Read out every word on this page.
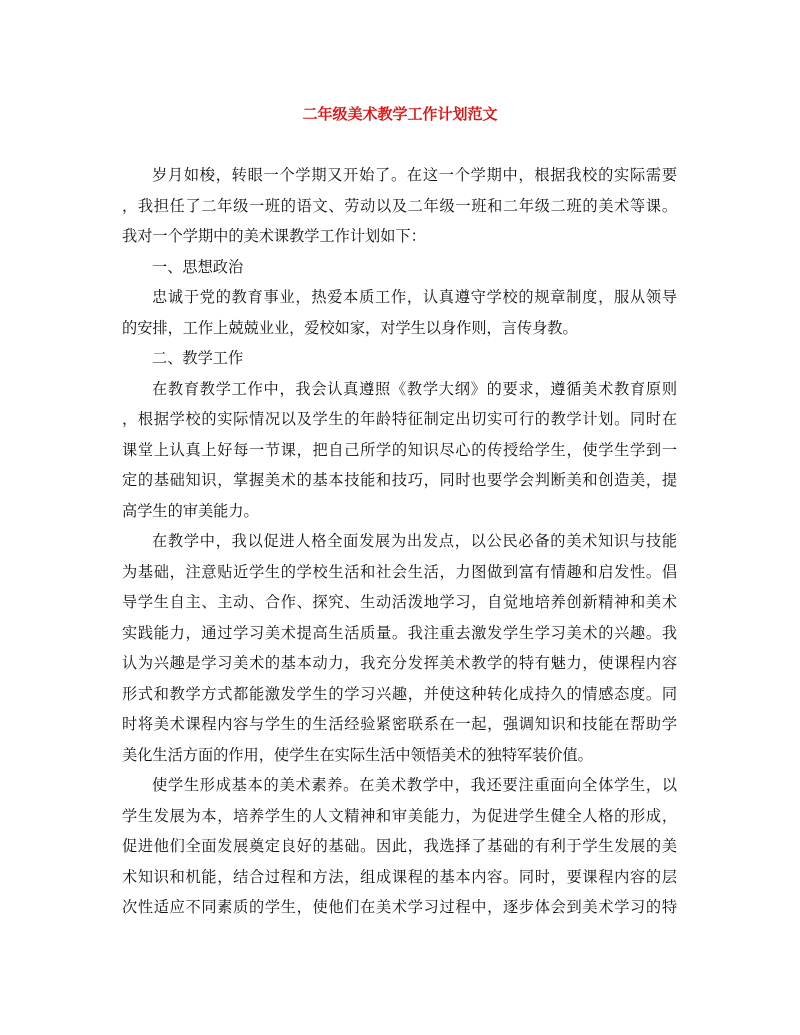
二年级美术教学工作计划范文
岁月如梭，转眼一个学期又开始了。在这一个学期中，根据我校的实际需要
，我担任了二年级一班的语文、劳动以及二年级一班和二年级二班的美术等课。
我对一个学期中的美术课教学工作计划如下：
一、思想政治
忠诚于党的教育事业，热爱本质工作，认真遵守学校的规章制度，服从领导
的安排，工作上兢兢业业，爱校如家，对学生以身作则，言传身教。
二、教学工作
在教育教学工作中，我会认真遵照《教学大纲》的要求，遵循美术教育原则
，根据学校的实际情况以及学生的年龄特征制定出切实可行的教学计划。同时在
课堂上认真上好每一节课，把自己所学的知识尽心的传授给学生，使学生学到一
定的基础知识，掌握美术的基本技能和技巧，同时也要学会判断美和创造美，提
高学生的审美能力。
在教学中，我以促进人格全面发展为出发点，以公民必备的美术知识与技能
为基础，注意贴近学生的学校生活和社会生活，力图做到富有情趣和启发性。倡
导学生自主、主动、合作、探究、生动活泼地学习，自觉地培养创新精神和美术
实践能力，通过学习美术提高生活质量。我注重去激发学生学习美术的兴趣。我
认为兴趣是学习美术的基本动力，我充分发挥美术教学的特有魅力，使课程内容
形式和教学方式都能激发学生的学习兴趣，并使这种转化成持久的情感态度。同
时将美术课程内容与学生的生活经验紧密联系在一起，强调知识和技能在帮助学
美化生活方面的作用，使学生在实际生活中领悟美术的独特军装价值。
使学生形成基本的美术素养。在美术教学中，我还要注重面向全体学生，以
学生发展为本，培养学生的人文精神和审美能力，为促进学生健全人格的形成，
促进他们全面发展奠定良好的基础。因此，我选择了基础的有利于学生发展的美
术知识和机能，结合过程和方法，组成课程的基本内容。同时，要课程内容的层
次性适应不同素质的学生，使他们在美术学习过程中，逐步体会到美术学习的特
